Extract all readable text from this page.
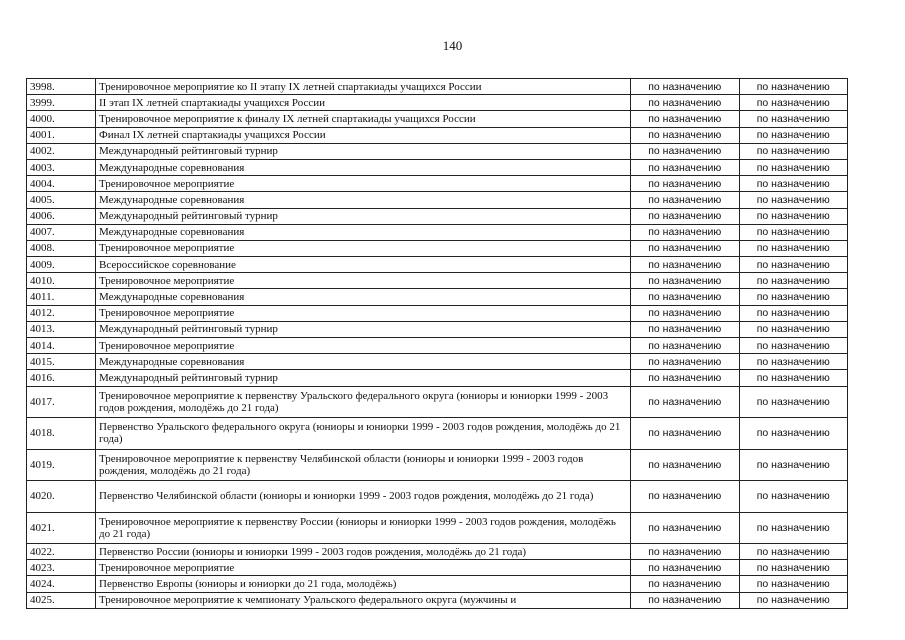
140
3998.	Тренировочное мероприятие ко II этапу IX летней спартакиады учащихся России	по назначению	по назначению
3999.	II этап IX летней спартакиады учащихся России	по назначению	по назначению
4000.	Тренировочное мероприятие к финалу IX летней спартакиады учащихся России	по назначению	по назначению
4001.	Финал IX летней спартакиады учащихся России	по назначению	по назначению
4002.	Международный рейтинговый турнир	по назначению	по назначению
4003.	Международные соревнования	по назначению	по назначению
4004.	Тренировочное мероприятие	по назначению	по назначению
4005.	Международные соревнования	по назначению	по назначению
4006.	Международный рейтинговый турнир	по назначению	по назначению
4007.	Международные соревнования	по назначению	по назначению
4008.	Тренировочное мероприятие	по назначению	по назначению
4009.	Всероссийское соревнование	по назначению	по назначению
4010.	Тренировочное мероприятие	по назначению	по назначению
4011.	Международные соревнования	по назначению	по назначению
4012.	Тренировочное мероприятие	по назначению	по назначению
4013.	Международный рейтинговый турнир	по назначению	по назначению
4014.	Тренировочное мероприятие	по назначению	по назначению
4015.	Международные соревнования	по назначению	по назначению
4016.	Международный рейтинговый турнир	по назначению	по назначению
4017.	Тренировочное мероприятие к первенству Уральского федерального округа (юниоры и юниорки 1999 - 2003 годов рождения, молодёжь до 21 года)	по назначению	по назначению
4018.	Первенство Уральского федерального округа (юниоры и юниорки 1999 - 2003 годов рождения, молодёжь до 21 года)	по назначению	по назначению
4019.	Тренировочное мероприятие к первенству Челябинской области (юниоры и юниорки 1999 - 2003 годов рождения, молодёжь до 21 года)	по назначению	по назначению
4020.	Первенство Челябинской области (юниоры и юниорки 1999 - 2003 годов рождения, молодёжь до 21 года)	по назначению	по назначению
4021.	Тренировочное мероприятие к первенству России (юниоры и юниорки 1999 - 2003 годов рождения, молодёжь до 21 года)	по назначению	по назначению
4022.	Первенство России (юниоры и юниорки 1999 - 2003 годов рождения, молодёжь до 21 года)	по назначению	по назначению
4023.	Тренировочное мероприятие	по назначению	по назначению
4024.	Первенство Европы (юниоры и юниорки до 21 года, молодёжь)	по назначению	по назначению
4025.	Тренировочное мероприятие к чемпионату Уральского федерального округа (мужчины и	по назначению	по назначению
